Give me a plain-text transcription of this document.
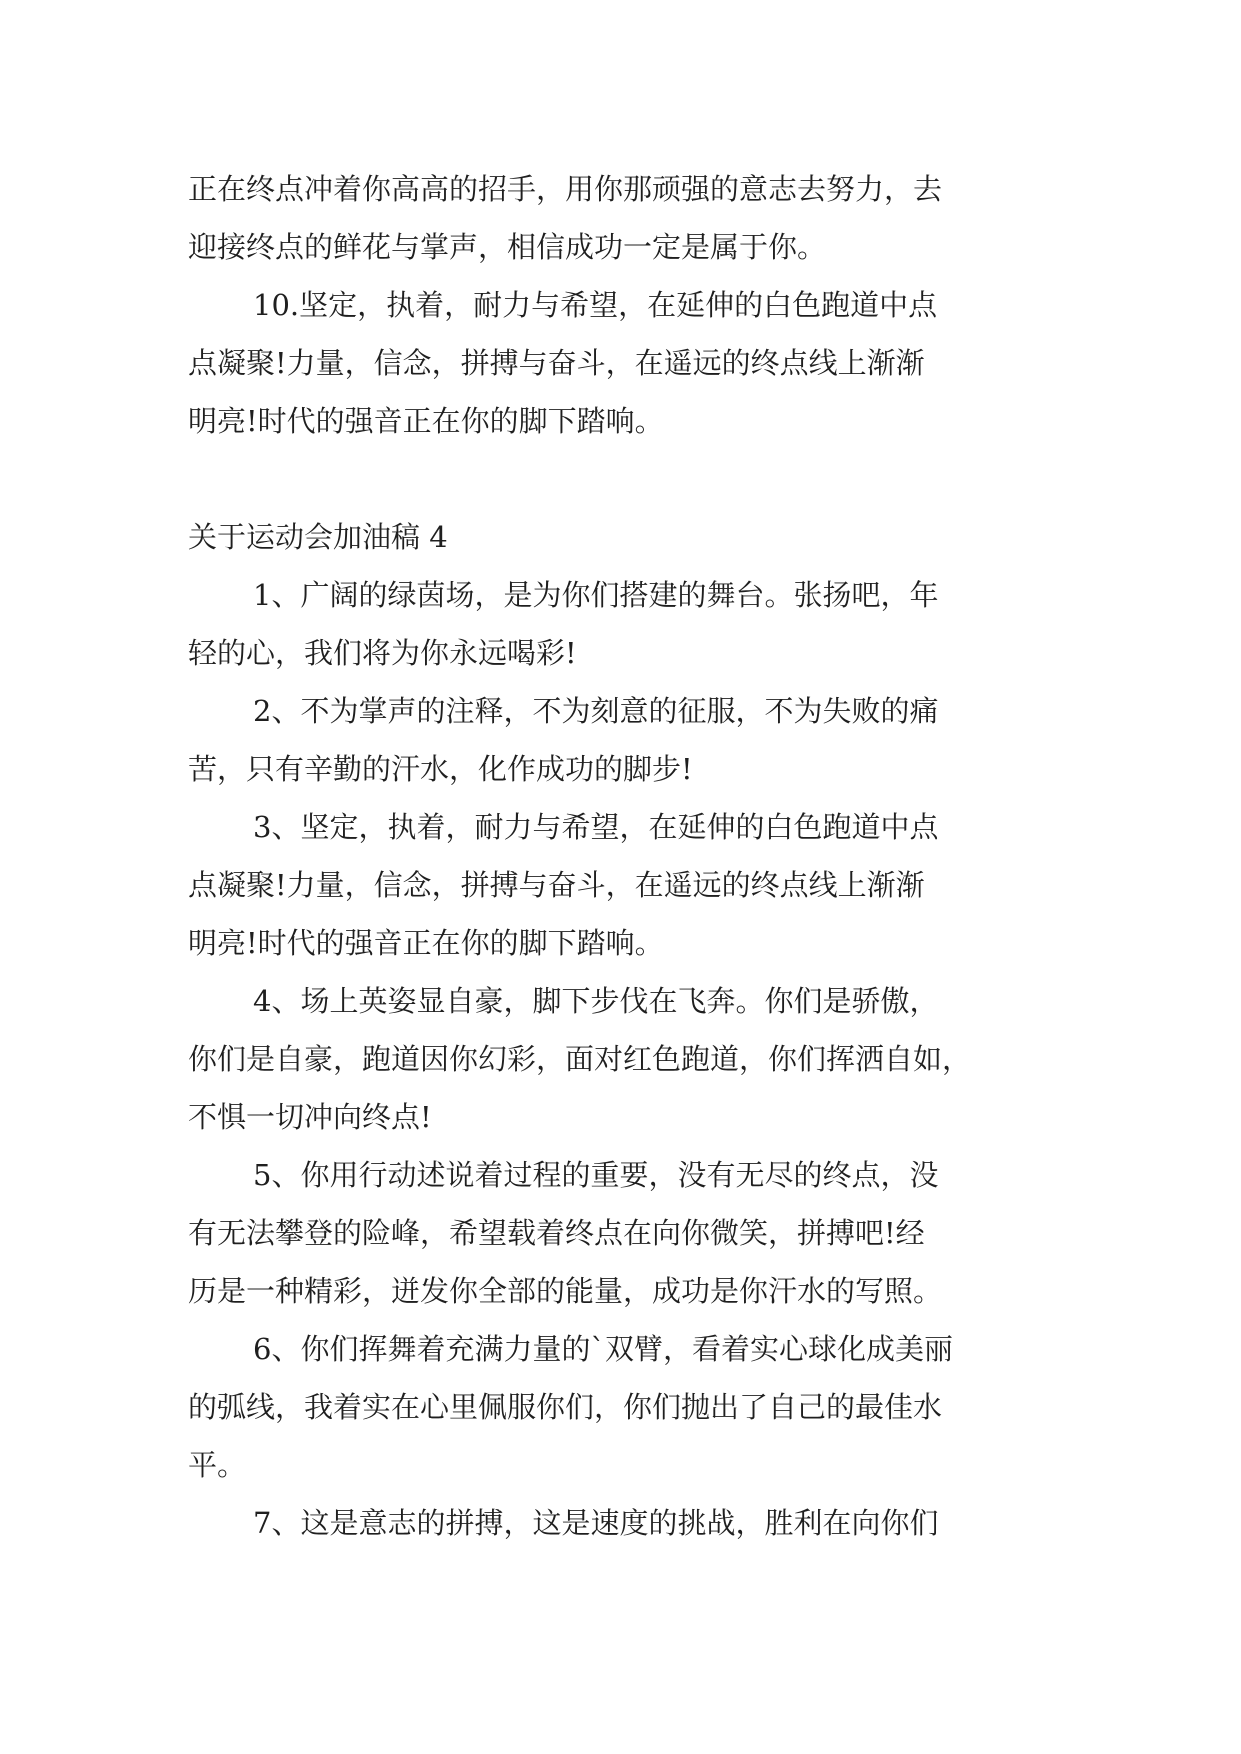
正在终点冲着你高高的招手，用你那顽强的意志去努力，去
迎接终点的鲜花与掌声，相信成功一定是属于你。
10.坚定，执着，耐力与希望，在延伸的白色跑道中点
点凝聚!力量，信念，拼搏与奋斗，在遥远的终点线上渐渐
明亮!时代的强音正在你的脚下踏响。
关于运动会加油稿 4
1、广阔的绿茵场，是为你们搭建的舞台。张扬吧，年
轻的心，我们将为你永远喝彩!
2、不为掌声的注释，不为刻意的征服，不为失败的痛
苦，只有辛勤的汗水，化作成功的脚步!
3、坚定，执着，耐力与希望，在延伸的白色跑道中点
点凝聚!力量，信念，拼搏与奋斗，在遥远的终点线上渐渐
明亮!时代的强音正在你的脚下踏响。
4、场上英姿显自豪，脚下步伐在飞奔。你们是骄傲，
你们是自豪，跑道因你幻彩，面对红色跑道，你们挥洒自如，
不惧一切冲向终点!
5、你用行动述说着过程的重要，没有无尽的终点，没
有无法攀登的险峰，希望载着终点在向你微笑，拼搏吧!经
历是一种精彩，迸发你全部的能量，成功是你汗水的写照。
6、你们挥舞着充满力量的`双臂，看着实心球化成美丽
的弧线，我着实在心里佩服你们，你们抛出了自己的最佳水
平。
7、这是意志的拼搏，这是速度的挑战，胜利在向你们
